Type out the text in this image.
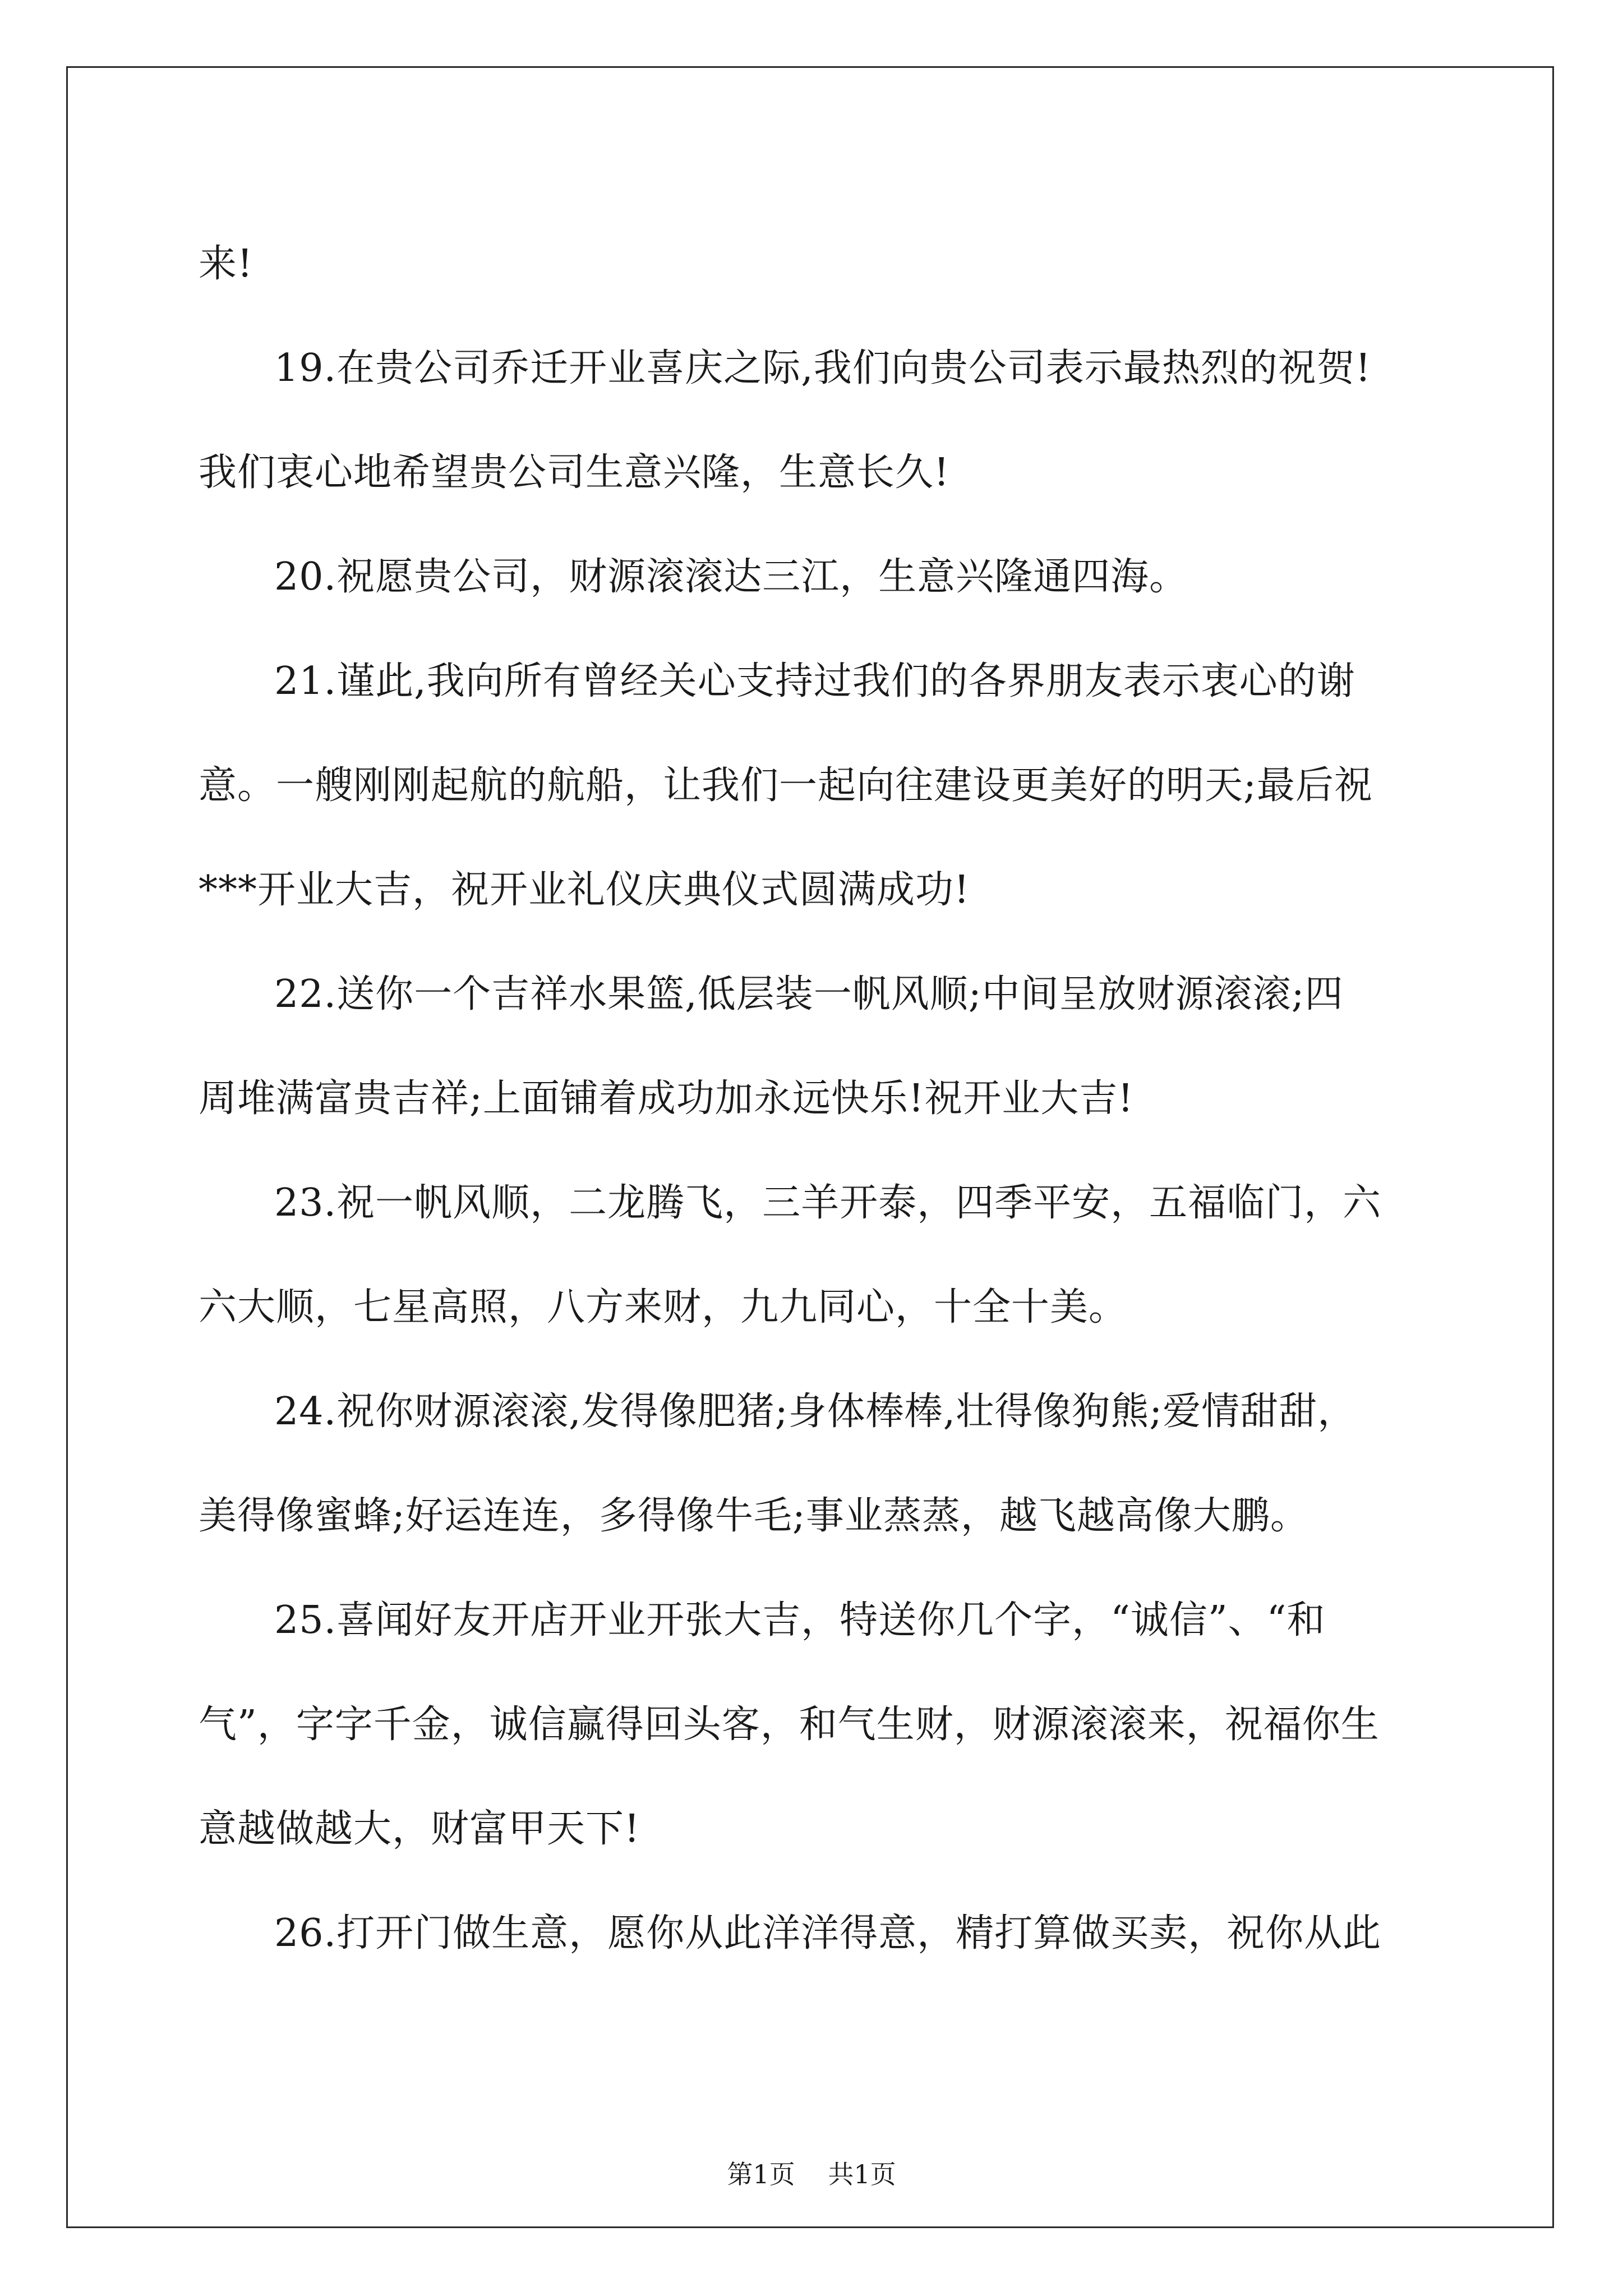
来!
19.在贵公司乔迁开业喜庆之际,我们向贵公司表示最热烈的祝贺!
我们衷心地希望贵公司生意兴隆，生意长久!
20.祝愿贵公司，财源滚滚达三江，生意兴隆通四海。
21.谨此,我向所有曾经关心支持过我们的各界朋友表示衷心的谢
意。一艘刚刚起航的航船，让我们一起向往建设更美好的明天;最后祝
***开业大吉，祝开业礼仪庆典仪式圆满成功!
22.送你一个吉祥水果篮,低层装一帆风顺;中间呈放财源滚滚;四
周堆满富贵吉祥;上面铺着成功加永远快乐!祝开业大吉!
23.祝一帆风顺，二龙腾飞，三羊开泰，四季平安，五福临门，六
六大顺，七星高照，八方来财，九九同心，十全十美。
24.祝你财源滚滚,发得像肥猪;身体棒棒,壮得像狗熊;爱情甜甜，
美得像蜜蜂;好运连连，多得像牛毛;事业蒸蒸，越飞越高像大鹏。
25.喜闻好友开店开业开张大吉，特送你几个字，“诚信”、“和
气”，字字千金，诚信赢得回头客，和气生财，财源滚滚来，祝福你生
意越做越大，财富甲天下!
26.打开门做生意，愿你从此洋洋得意，精打算做买卖，祝你从此
第1页 共1页
